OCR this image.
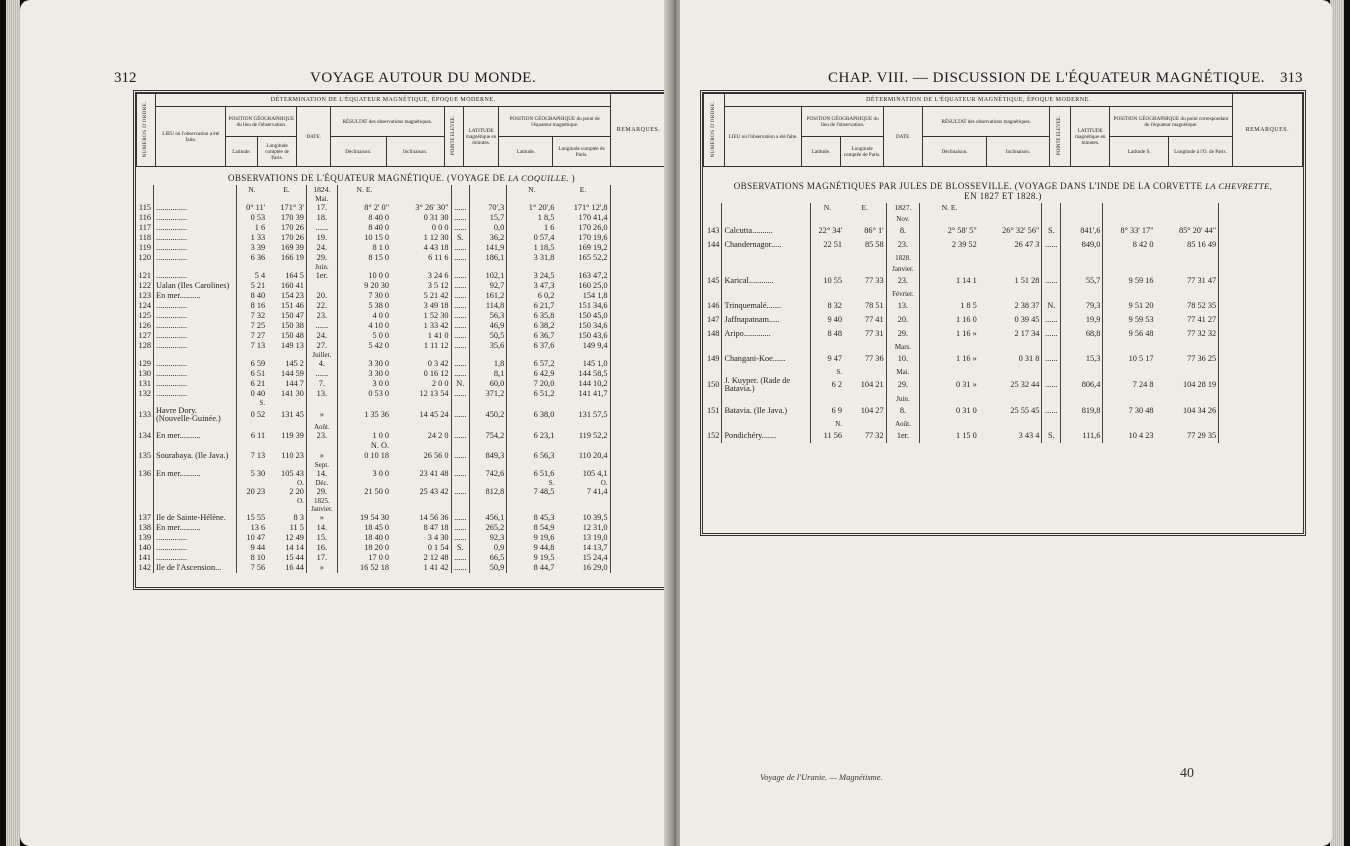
312	VOYAGE AUTOUR DU MONDE.
NUMÉROS D'ORDRE.	DÉTERMINATION DE L'ÉQUATEUR MAGNÉTIQUE, ÉPOQUE MODERNE.										REMARQUES.
	LIEU où l'observation a été faite.	POSITION GÉOGRAPHIQUE du lieu de l'observation.		DATE.	RÉSULTAT des observations magnétiques.		POINTE ÉLEVÉE.	LATITUDE magnétique en minutes.	POSITION GÉOGRAPHIQUE du point de l'équateur magnétique.		
		Latitude.	Longitude comptée de Paris.		Déclinaison.	Inclinaison.			Latitude.	Longitude comptée de Paris.	
OBSERVATIONS DE L'ÉQUATEUR MAGNÉTIQUE. (VOYAGE DE LA COQUILLE. )
		N.	E.	1824.	N. E.				N.	E.	
				Mai.							
115	...............	0° 11'	171° 3'	17.	8° 2' 0"	3° 26' 30"	......	70',3	1° 20',6	171° 12',8	
116	...............	0 53	170 39	18.	8 40 0	0 31 30	......	15,7	1 8,5	170 41,4	
117	...............	1 6	170 26	......	8 40 0	0 0 0	......	0,0	1 6	170 26,0	
118	...............	1 33	170 26	19.	10 15 0	1 12 30	S.	36,2	0 57,4	170 19,6	
119	...............	3 39	169 39	24.	8 1 0	4 43 18	......	141,9	1 18,5	169 19,2	
120	...............	6 36	166 19	29.	8 15 0	6 11 6	......	186,1	3 31,8	165 52,2	
				Juin.							
121	...............	5 4	164 5	1er.	10 0 0	3 24 6	......	102,1	3 24,5	163 47,2	
122	Ualan (Iles Carolines)	5 21	160 41		9 20 30	3 5 12	......	92,7	3 47,3	160 25,0	
123	En mer..........	8 40	154 23	20.	7 30 0	5 21 42	......	161,2	6 0,2	154 1,8	
124	...............	8 16	151 46	22.	5 38 0	3 49 18	......	114,8	6 21,7	151 34,6	
125	...............	7 32	150 47	23.	4 0 0	1 52 30	......	56,3	6 35,8	150 45,0	
126	...............	7 25	150 38	......	4 10 0	1 33 42	......	46,9	6 38,2	150 34,6	
127	...............	7 27	150 48	24.	5 0 0	1 41 0	......	50,5	6 36,7	150 43,6	
128	...............	7 13	149 13	27.	5 42 0	1 11 12	......	35,6	6 37,6	149 9,4	
				Juillet.							
129	...............	6 59	145 2	4.	3 30 0	0 3 42	......	1,8	6 57,2	145 1,0	
130	...............	6 51	144 59	......	3 30 0	0 16 12	......	8,1	6 42,9	144 58,5	
131	...............	6 21	144 7	7.	3 0 0	2 0 0	N.	60,0	7 20,0	144 10,2	
132	...............	0 40	141 30	13.	0 53 0	12 13 54	......	371,2	6 51,2	141 41,7	
		S.									
133	Havre Dory. (Nouvelle-Guinée.)	0 52	131 45	»	1 35 36	14 45 24	......	450,2	6 38,0	131 57,5	
				Août.							
134	En mer..........	6 11	119 39	23.	1 0 0	24 2 0	......	754,2	6 23,1	119 52,2	
					N. O.						
135	Sourabaya. (Ile Java.)	7 13	110 23	»	0 10 18	26 56 0	......	849,3	6 56,3	110 20,4	
				Sept.							
136	En mer..........	5 30	105 43	14.	3 0 0	23 41 48	......	742,6	6 51,6	105 4,1	
			O.	Déc.					S.	O.	
		20 23	2 20	29.	21 50 0	25 43 42	......	812,8	7 48,5	7 41,4	
			O.	1825.							
				Janvier.							
137	Ile de Sainte-Hélène.	15 55	8 3	»	19 54 30	14 56 36	......	456,1	8 45,3	10 39,5	
138	En mer..........	13 6	11 5	14.	18 45 0	8 47 18	......	265,2	8 54,9	12 31,0	
139	...............	10 47	12 49	15.	18 40 0	3 4 30	......	92,3	9 19,6	13 19,0	
140	...............	9 44	14 14	16.	18 20 0	0 1 54	S.	0,9	9 44,8	14 13,7	
141	...............	8 10	15 44	17.	17 0 0	2 12 48	......	66,5	9 19,5	15 24,4	
142	Ile de l'Ascension...	7 56	16 44	»	16 52 18	1 41 42	......	50,9	8 44,7	16 29,0	
CHAP. VIII. — DISCUSSION DE L'ÉQUATEUR MAGNÉTIQUE. 313
NUMÉROS D'ORDRE.	DÉTERMINATION DE L'ÉQUATEUR MAGNÉTIQUE, ÉPOQUE MODERNE.										REMARQUES.
	LIEU où l'observation a été faite.	POSITION GÉOGRAPHIQUE du lieu de l'observation.		DATE.	RÉSULTAT des observations magnétiques.		POINTE ÉLEVÉE.	LATITUDE magnétique en minutes.	POSITION GÉOGRAPHIQUE du point correspondant de l'équateur magnétique.		
		Latitude.	Longitude comptée de Paris.		Déclinaison.	Inclinaison.			Latitude S.	Longitude à l'O. de Paris.	
OBSERVATIONS MAGNÉTIQUES PAR JULES DE BLOSSEVILLE. (VOYAGE DANS L'INDE DE LA CORVETTE LA CHEVRETTE,
EN 1827 ET 1828.)
		N.	E.	1827.	N. E.						
				Nov.							
143	Calcutta..........	22° 34'	86° 1'	8.	2° 58' 5"	26° 32' 56"	S.	841',6	8° 33' 17"	85° 20' 44"	
144	Chandernagor.....	22 51	85 58	23.	2 39 52	26 47 3	......	849,0	8 42 0	85 16 49	
				1828.							
				Janvier.							
145	Karical............	10 55	77 33	23.	1 14 1	1 51 28	......	55,7	9 59 16	77 31 47	
				Février.							
146	Trinquemalé.......	8 32	78 51	13.	1 8 5	2 38 37	N.	79,3	9 51 20	78 52 35	
147	Jaffnapatnam.....	9 40	77 41	20.	1 16 0	0 39 45	......	19,9	9 59 53	77 41 27	
148	Aripo.............	8 48	77 31	29.	1 16 »	2 17 34	......	68,8	9 56 48	77 32 32	
				Mars.							
149	Changani-Koe......	9 47	77 36	10.	1 16 »	0 31 8	......	15,3	10 5 17	77 36 25	
		S.		Mai.							
150	J. Kuyper. (Rade de Batavia.)	6 2	104 21	29.	0 31 »	25 32 44	......	806,4	7 24 8	104 28 19	
				Juin.							
151	Batavia. (Ile Java.)	6 9	104 27	8.	0 31 0	25 55 45	......	819,8	7 30 48	104 34 26	
		N.		Août.							
152	Pondichéry.......	11 56	77 32	1er.	1 15 0	3 43 4	S.	111,6	10 4 23	77 29 35	
Voyage de l'Uranie. — Magnétisme.	40
